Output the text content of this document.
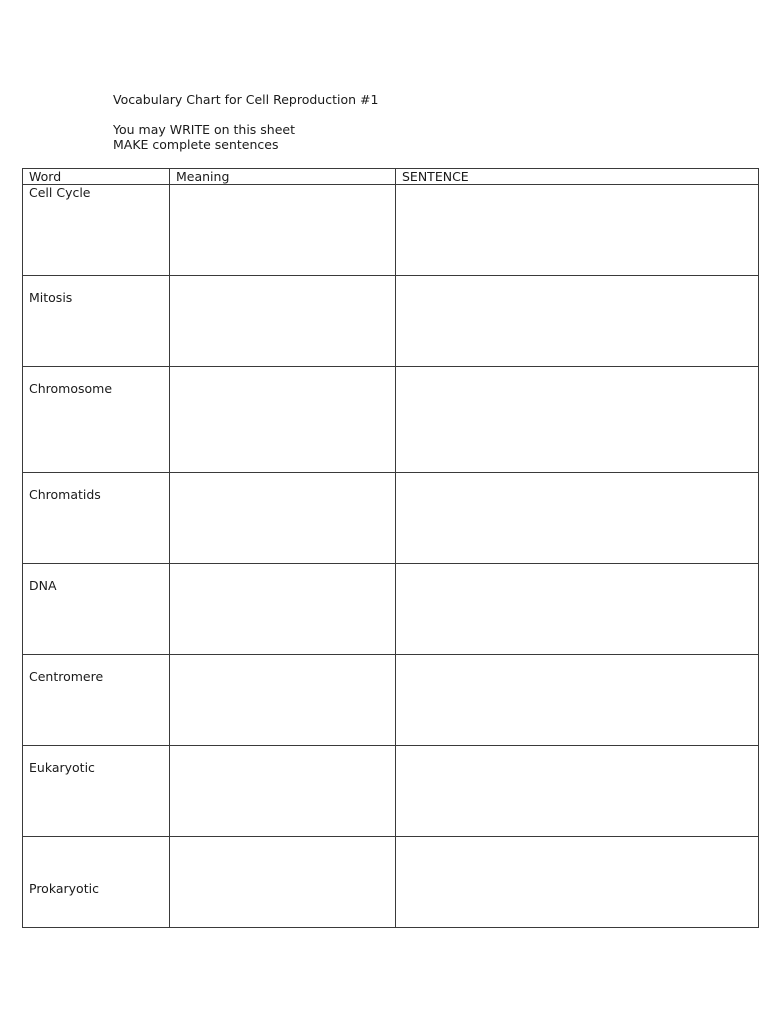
Vocabulary Chart for Cell Reproduction #1

You may WRITE on this sheet

MAKE complete sentences

Word	Meaning	SENTENCE

Cell Cycle		

Mitosis		

Chromosome		

Chromatids		

DNA		

Centromere		

Eukaryotic		

Prokaryotic		
